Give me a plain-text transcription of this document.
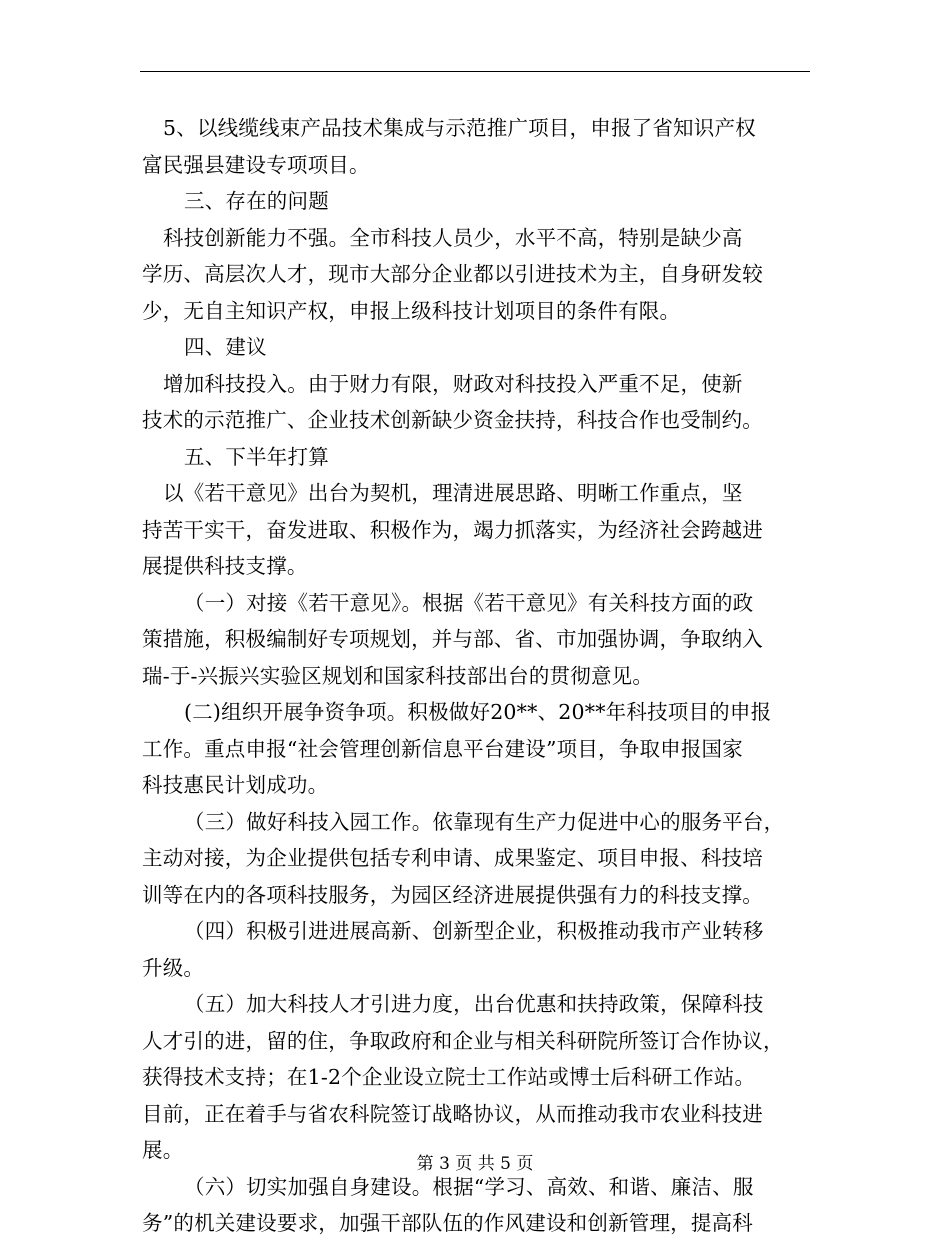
5、以线缆线束产品技术集成与示范推广项目，申报了省知识产权
富民强县建设专项项目。
三、存在的问题
科技创新能力不强。全市科技人员少，水平不高，特别是缺少高
学历、高层次人才，现市大部分企业都以引进技术为主，自身研发较
少，无自主知识产权，申报上级科技计划项目的条件有限。
四、建议
增加科技投入。由于财力有限，财政对科技投入严重不足，使新
技术的示范推广、企业技术创新缺少资金扶持，科技合作也受制约。
五、下半年打算
以《若干意见》出台为契机，理清进展思路、明晰工作重点，坚
持苦干实干，奋发进取、积极作为，竭力抓落实，为经济社会跨越进
展提供科技支撑。
（一）对接《若干意见》。根据《若干意见》有关科技方面的政
策措施，积极编制好专项规划，并与部、省、市加强协调，争取纳入
瑞-于-兴振兴实验区规划和国家科技部出台的贯彻意见。
(二)组织开展争资争项。积极做好20**、20**年科技项目的申报
工作。重点申报“社会管理创新信息平台建设”项目，争取申报国家
科技惠民计划成功。
（三）做好科技入园工作。依靠现有生产力促进中心的服务平台，
主动对接，为企业提供包括专利申请、成果鉴定、项目申报、科技培
训等在内的各项科技服务，为园区经济进展提供强有力的科技支撑。
（四）积极引进进展高新、创新型企业，积极推动我市产业转移
升级。
（五）加大科技人才引进力度，出台优惠和扶持政策，保障科技
人才引的进，留的住，争取政府和企业与相关科研院所签订合作协议，
获得技术支持；在1-2个企业设立院士工作站或博士后科研工作站。
目前，正在着手与省农科院签订战略协议，从而推动我市农业科技进
展。
（六）切实加强自身建设。根据“学习、高效、和谐、廉洁、服
务”的机关建设要求，加强干部队伍的作风建设和创新管理，提高科
第 3 页 共 5 页
